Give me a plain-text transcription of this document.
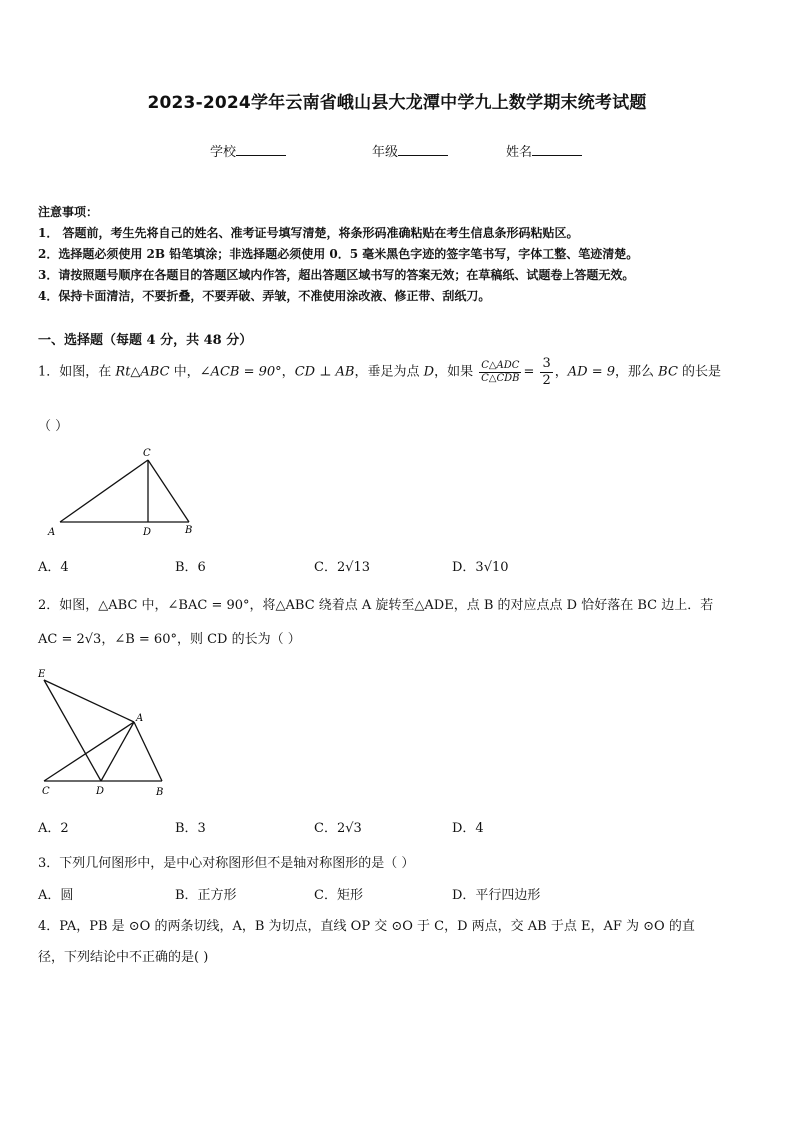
2023-2024学年云南省峨山县大龙潭中学九上数学期末统考试题
学校	年级	姓名
注意事项：
1． 答题前，考生先将自己的姓名、准考证号填写清楚，将条形码准确粘贴在考生信息条形码粘贴区。
2．选择题必须使用 2B 铅笔填涂；非选择题必须使用 0．5 毫米黑色字迹的签字笔书写，字体工整、笔迹清楚。
3．请按照题号顺序在各题目的答题区域内作答，超出答题区域书写的答案无效；在草稿纸、试题卷上答题无效。
4．保持卡面清洁，不要折叠，不要弄破、弄皱，不准使用涂改液、修正带、刮纸刀。
一、选择题（每题 4 分，共 48 分）
1．如图，在 Rt△ABC 中，∠ACB = 90°，CD ⊥ AB，垂足为点 D，如果 $\frac{\text{C△ADC}}{\text{C△CDB}} = \frac{3}{2}$ ，AD = 9，那么 BC 的长是
（ ）
C
A	D	B
A．4	B．6	C．2√13	D．3√10
2．如图，△ABC 中，∠BAC = 90°，将△ABC 绕着点 A 旋转至△ADE，点 B 的对应点点 D 恰好落在 BC 边上．若
AC = 2√3，∠B = 60°，则 CD 的长为（ ）
E
A
C	D	B
A．2	B．3	C．2√3	D．4
3．下列几何图形中，是中心对称图形但不是轴对称图形的是（ ）
A．圆	B．正方形	C．矩形	D．平行四边形
4．PA，PB 是 ⊙O 的两条切线，A，B 为切点，直线 OP 交 ⊙O 于 C，D 两点，交 AB 于点 E，AF 为 ⊙O 的直
径，下列结论中不正确的是( )
